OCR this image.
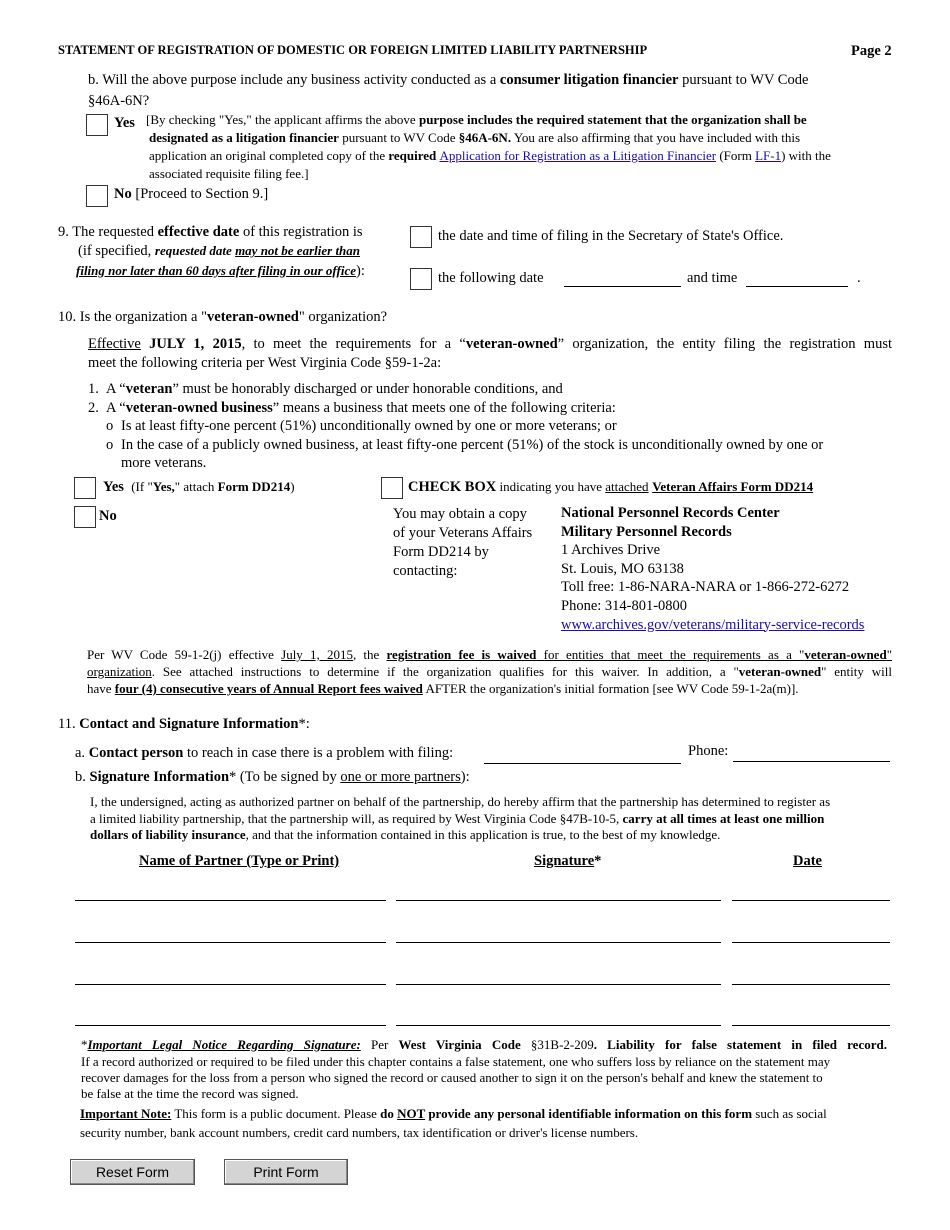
STATEMENT OF REGISTRATION OF DOMESTIC OR FOREIGN LIMITED LIABILITY PARTNERSHIP	Page 2
b. Will the above purpose include any business activity conducted as a consumer litigation financier pursuant to WV Code
§46A-6N?
Yes [By checking "Yes," the applicant affirms the above purpose includes the required statement that the organization shall be
designated as a litigation financier pursuant to WV Code §46A-6N. You are also affirming that you have included with this
application an original completed copy of the required Application for Registration as a Litigation Financier (Form LF-1) with the
associated requisite filing fee.]
No [Proceed to Section 9.]
9. The requested effective date of this registration is
(if specified, requested date may not be earlier than
filing nor later than 60 days after filing in our office):
the date and time of filing in the Secretary of State's Office.
the following date	and time	.
10. Is the organization a "veteran-owned" organization?
Effective JULY 1, 2015, to meet the requirements for a “veteran-owned” organization, the entity filing the registration must
meet the following criteria per West Virginia Code §59-1-2a:
1. A “veteran” must be honorably discharged or under honorable conditions, and
2. A “veteran-owned business” means a business that meets one of the following criteria:
o Is at least fifty-one percent (51%) unconditionally owned by one or more veterans; or
o In the case of a publicly owned business, at least fifty-one percent (51%) of the stock is unconditionally owned by one or
more veterans.
Yes (If "Yes," attach Form DD214)	CHECK BOX indicating you have attached Veteran Affairs Form DD214
No	You may obtain a copy
of your Veterans Affairs
Form DD214 by
contacting:
National Personnel Records Center
Military Personnel Records
1 Archives Drive
St. Louis, MO 63138
Toll free: 1-86-NARA-NARA or 1-866-272-6272
Phone: 314-801-0800
www.archives.gov/veterans/military-service-records
Per WV Code 59-1-2(j) effective July 1, 2015, the registration fee is waived for entities that meet the requirements as a "veteran-owned"
organization. See attached instructions to determine if the organization qualifies for this waiver. In addition, a "veteran-owned" entity will
have four (4) consecutive years of Annual Report fees waived AFTER the organization's initial formation [see WV Code 59-1-2a(m)].
11. Contact and Signature Information*:
a. Contact person to reach in case there is a problem with filing:	Phone:
b. Signature Information* (To be signed by one or more partners):
I, the undersigned, acting as authorized partner on behalf of the partnership, do hereby affirm that the partnership has determined to register as
a limited liability partnership, that the partnership will, as required by West Virginia Code §47B-10-5, carry at all times at least one million
dollars of liability insurance, and that the information contained in this application is true, to the best of my knowledge.
Name of Partner (Type or Print)	Signature*	Date
*Important Legal Notice Regarding Signature: Per West Virginia Code §31B-2-209. Liability for false statement in filed record.
If a record authorized or required to be filed under this chapter contains a false statement, one who suffers loss by reliance on the statement may
recover damages for the loss from a person who signed the record or caused another to sign it on the person's behalf and knew the statement to
be false at the time the record was signed.
Important Note: This form is a public document. Please do NOT provide any personal identifiable information on this form such as social
security number, bank account numbers, credit card numbers, tax identification or driver's license numbers.
Reset Form	Print Form
